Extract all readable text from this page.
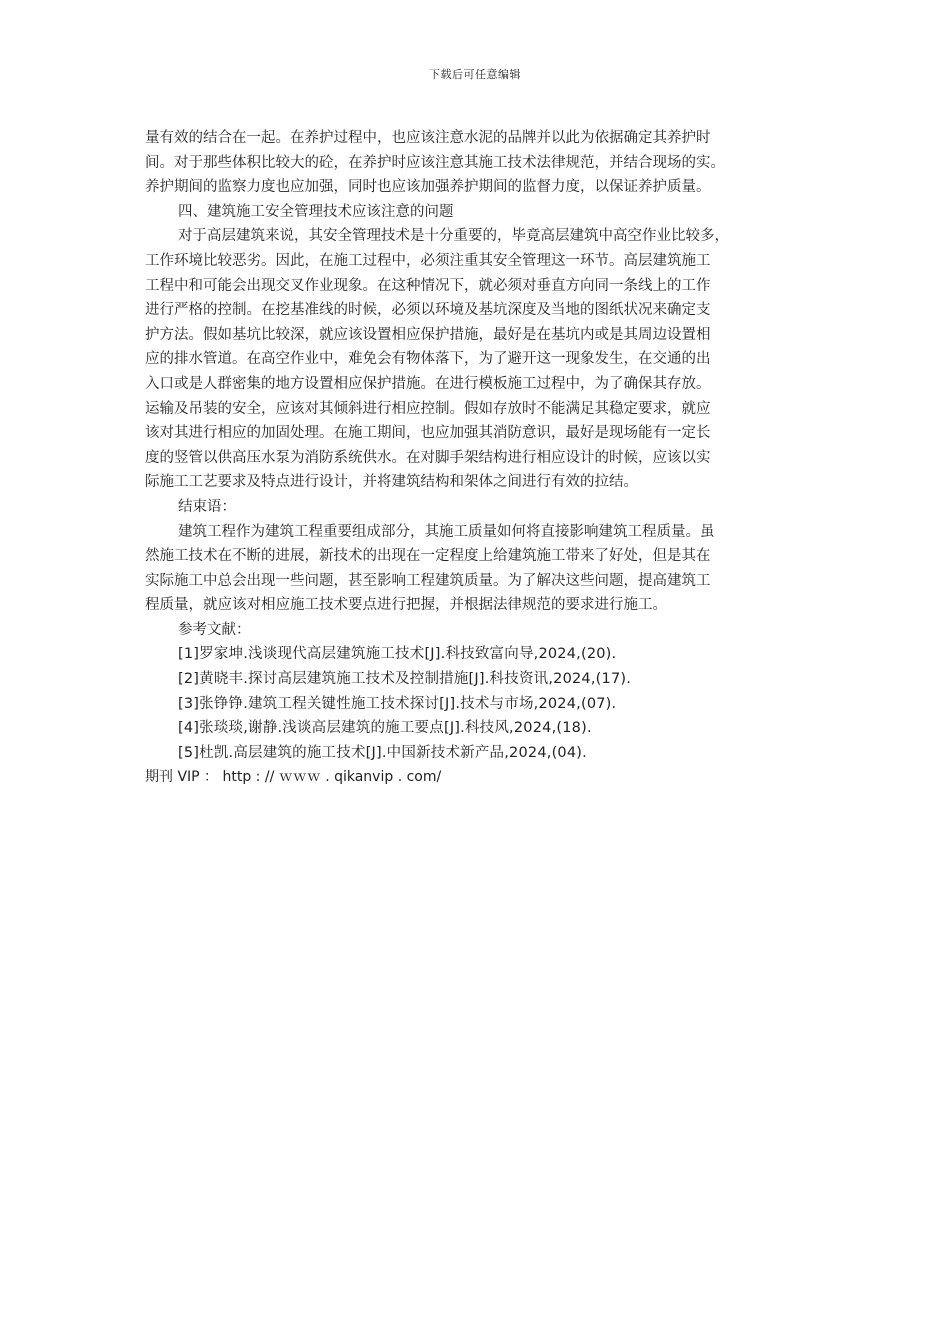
下载后可任意编辑

量有效的结合在一起。在养护过程中，也应该注意水泥的品牌并以此为依据确定其养护时

间。对于那些体积比较大的砼，在养护时应该注意其施工技术法律规范，并结合现场的实。

养护期间的监察力度也应加强，同时也应该加强养护期间的监督力度，以保证养护质量。

四、建筑施工安全管理技术应该注意的问题

对于高层建筑来说，其安全管理技术是十分重要的，毕竟高层建筑中高空作业比较多，

工作环境比较恶劣。因此，在施工过程中，必须注重其安全管理这一环节。高层建筑施工

工程中和可能会出现交叉作业现象。在这种情况下，就必须对垂直方向同一条线上的工作

进行严格的控制。在挖基准线的时候，必须以环境及基坑深度及当地的图纸状况来确定支

护方法。假如基坑比较深，就应该设置相应保护措施，最好是在基坑内或是其周边设置相

应的排水管道。在高空作业中，难免会有物体落下，为了避开这一现象发生，在交通的出

入口或是人群密集的地方设置相应保护措施。在进行模板施工过程中，为了确保其存放。

运输及吊装的安全，应该对其倾斜进行相应控制。假如存放时不能满足其稳定要求，就应

该对其进行相应的加固处理。在施工期间，也应加强其消防意识，最好是现场能有一定长

度的竖管以供高压水泵为消防系统供水。在对脚手架结构进行相应设计的时候，应该以实

际施工工艺要求及特点进行设计，并将建筑结构和架体之间进行有效的拉结。

结束语：

建筑工程作为建筑工程重要组成部分，其施工质量如何将直接影响建筑工程质量。虽

然施工技术在不断的进展，新技术的出现在一定程度上给建筑施工带来了好处，但是其在

实际施工中总会出现一些问题，甚至影响工程建筑质量。为了解决这些问题，提高建筑工

程质量，就应该对相应施工技术要点进行把握，并根据法律规范的要求进行施工。

参考文献：

[1]罗家坤.浅谈现代高层建筑施工技术[J].科技致富向导,2024,(20).

[2]黄晓丰.探讨高层建筑施工技术及控制措施[J].科技资讯,2024,(17).

[3]张铮铮.建筑工程关键性施工技术探讨[J].技术与市场,2024,(07).

[4]张琰琰,谢静.浅谈高层建筑的施工要点[J].科技风,2024,(18).

[5]杜凯.高层建筑的施工技术[J].中国新技术新产品,2024,(04).

期刊 VIP ： http : // ｗｗｗ . qikanvip . com/
